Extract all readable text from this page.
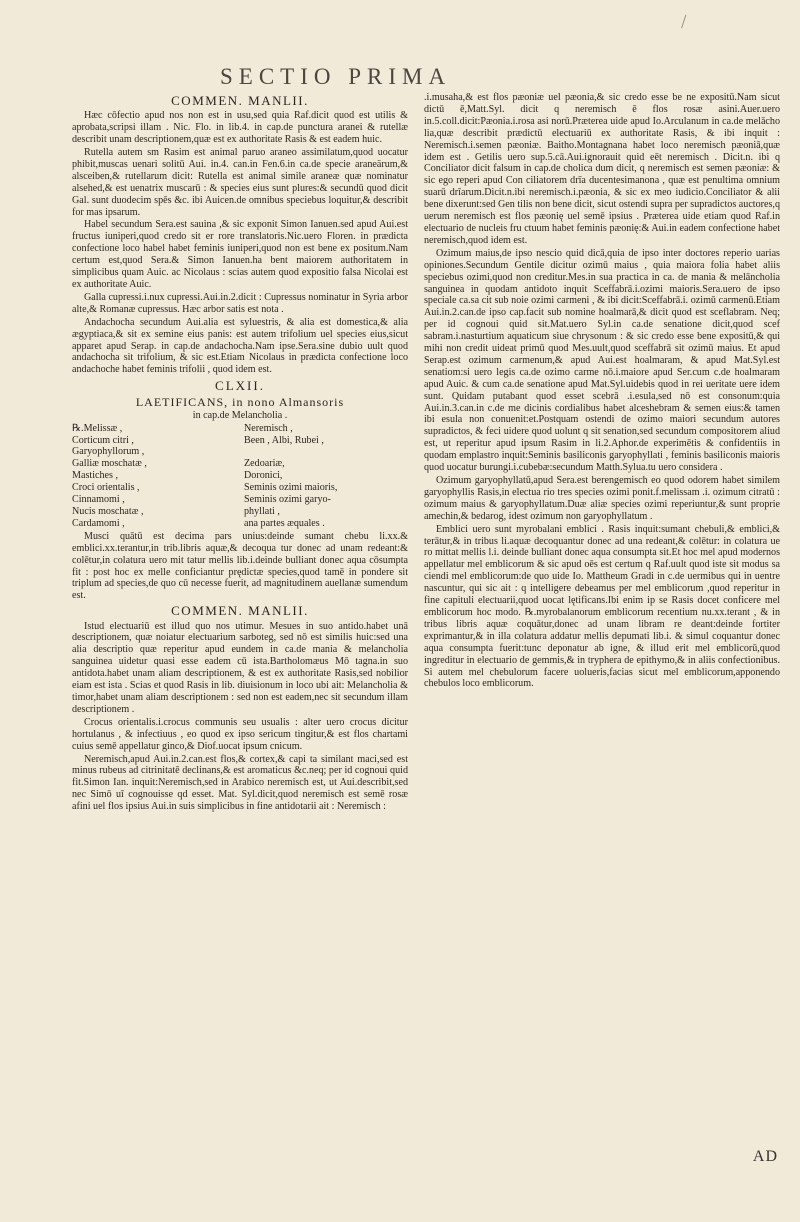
SECTIO PRIMA
COMMEN. MANLII.

Hæc cōfectio apud nos non est in usu,sed quia Raf.dicit quod est utilis & aprobata,scripsi illam . Nic. Flo. in lib.4. in cap.de punctura aranei & rutellæ describit unam descriptionem,quæ est ex authoritate Rasis & est eadem huic.

Rutella autem sm Rasim est animal paruo araneo assimilatum,quod uocatur phibit,muscas uenari solitū Aui. in.4. can.in Fen.6.in ca.de specie araneärum,& alsceiben,& rutellarum dicit: Rutella est animal simile araneæ quæ nominatur alsehed,& est uenatrix muscarū : & species eius sunt plures:& secundū quod dicit Gal. sunt duodecim spēs &c. ibi Auicen.de omnibus speciebus loquitur,& describit for mas ipsarum.

Habel secundum Sera.est sauina ,& sic exponit Simon Ianuen.sed apud Aui.est fructus iuniperi,quod credo sit er rore translatoris.Nic.uero Floren. in prædicta confectione loco habel habet feminis iuniperi,quod non est bene ex positum.Nam certum est,quod Sera.& Simon Ianuen.ha bent maiorem authoritatem in simplicibus quam Auic. ac Nicolaus : scias autem quod expositio falsa Nicolai est ex authoritate Auic.

Galla cupressi.i.nux cupressi.Aui.in.2.dicit : Cupressus nominatur in Syria arbor alte,& Romanæ cupressus. Hæc arbor satis est nota .

Andachocha secundum Aui.alia est syluestris, & alia est domestica,& alia ægyptiaca,& sit ex semine eius panis: est autem trifolium uel species eius,sicut apparet apud Serap. in cap.de andachocha.Nam ipse.Sera.sine dubio uult quod andachocha sit trifolium, & sic est.Etiam Nicolaus in prædicta confectione loco andachoche habet feminis trifolii , quod idem est.

CLXII.
LAETIFICANS, in nono Almansoris
in cap.de Melancholia .
℞.Melissæ ,	Neremisch ,
Corticum citri ,	Been , Albi, Rubei ,
Garyophyllorum ,
Galliæ moschatæ ,	Zedoariæ,
Mastiches ,	Doronici,
Croci orientalis ,	Seminis ozimi maioris,
Cinnamomi ,	Seminis ozimi garyo-
Nucis moschatæ ,	phyllati ,
Cardamomi ,	ana partes æquales .

Musci quātū est decima pars unius:deinde sumant chebu li.xx.& emblici.xx.terantur,in trib.libris aquæ,& decoqua tur donec ad unam redeant:& colētur,in colatura uero mit tatur mellis lib.i.deinde bulliant donec aqua cōsumpta fit : post hoc ex melle conficiantur prędictæ species,quod tamē in pondere sit triplum ad species,de quo cū necesse fuerit, ad magnitudinem auellanæ sumendum est.

COMMEN. MANLII.

Istud electuariū est illud quo nos utimur. Mesues in suo antido.habet unā descriptionem, quæ noiatur electuarium sarboteg, sed nō est similis huic:sed una alia descriptio quæ reperitur apud eundem in ca.de mania & melancholia sanguinea uidetur quasi esse eadem cū ista.Bartholomæus Mō tagna.in suo antidota.habet unam aliam descriptionem, & est ex authoritate Rasis,sed nobilior eiam est ista . Scias et quod Rasis in lib. diuisionum in loco ubi ait: Melancholia & timor,habet unam aliam descriptionem : sed non est eadem,nec sit secundum illam descriptionem .

Crocus orientalis.i.crocus communis seu usualis : alter uero crocus dicitur hortulanus , & infectiuus , eo quod ex ipso sericum tingitur,& est flos chartami cuius semē appellatur ginco,& Diof.uocat ipsum cnicum.

Neremisch,apud Aui.in.2.can.est flos,& cortex,& capi ta similant maci,sed est minus rubeus ad citrinitatē declinans,& est aromaticus &c.neq; per id cognoui quid fit.Simon Ian. inquit:Neremisch,sed in Arabico neremisch est, ut Aui.describit,sed nec Simō uī cognouisse qd esset. Mat. Syl.dicit,quod neremisch est semē rosæ afini uel flos ipsius Aui.in suis simplicibus in fine antidotarii ait : Neremisch :

.i.musaha,& est flos pæoniæ uel pæonia,& sic credo esse be ne expositū.Nam sicut dictū ē,Matt.Syl. dicit q neremisch ē flos rosæ asini.Auer.uero in.5.coll.dicit:Pæonia.i.rosa asi norū.Præterea uide apud Io.Arculanum in ca.de melācho lia,quæ describit prædictū electuariū ex authoritate Rasis, & ibi inquit : Neremisch.i.semen pæoniæ. Baitho.Montagnana habet loco neremisch pæoniā,quæ idem est . Getilis uero sup.5.cā.Aui.ignorauit quid eēt neremisch . Dicit.n. ibi q Conciliator dicit falsum in cap.de cholica dum dicit, q neremisch est semen pæoniæ: & sic ego reperi apud Con ciliatorem drīa ducentesimanona , quæ est penultima omnium suarū drīarum.Dicit.n.ibi neremisch.i.pæonia, & sic ex meo iudicio.Conciliator & alii bene dixerunt:sed Gen tilis non bene dicit, sicut ostendi supra per supradictos auctores,q uerum neremisch est flos pæonię uel semē ipsius . Præterea uide etiam quod Raf.in electuario de nucleis fru ctuum habet feminis pæonię:& Aui.in eadem confectione habet neremisch,quod idem est.

Ozimum maius,de ipso nescio quid dicā,quia de ipso inter doctores reperio uarias opiniones.Secundum Gentile dicitur ozimū maius , quia maiora folia habet aliis speciebus ozimi,quod non creditur.Mes.in sua practica in ca. de mania & melāncholia sanguinea in quodam antidoto inquit Sceffabrā.i.ozimi maioris.Sera.uero de ipso speciale ca.sa cit sub noie ozimi carmeni , & ibi dicit:Sceffabrā.i. ozimū carmenū.Etiam Aui.in.2.can.de ipso cap.facit sub nomine hoalmarā,& dicit quod est sceflabram. Neq; per id cognoui quid sit.Mat.uero Syl.in ca.de senatione dicit,quod scef sabram.i.nasturtium aquaticum siue chrysonum : & sic credo esse bene expositū,& qui mihi non credit uideat primū quod Mes.uult,quod sceffabrā sit ozimū maius. Et apud Serap.est ozimum carmenum,& apud Aui.est hoalmaram, & apud Mat.Syl.est senatiom:si uero legis ca.de ozimo carme nō.i.maiore apud Ser.cum c.de hoalmaram apud Auic. & cum ca.de senatione apud Mat.Syl.uidebis quod in rei ueritate uere idem sunt. Quidam putabant quod esset scebrā .i.esula,sed nō est consonum:quia Aui.in.3.can.in c.de me dicinis cordialibus habet alceshebram & semen eius:& tamen ibi esula non conuenit:et.Postquam ostendi de ozimo maiori secundum autores supradictos, & feci uidere quod uolunt q sit senation,sed secundum compositorem aliud est, ut reperitur apud ipsum Rasim in li.2.Aphor.de experimētis & confidentiis in quodam emplastro inquit:Seminis basiliconis garyophyllati , feminis basiliconis maioris quod uocatur burungi.i.cubebæ:secundum Matth.Sylua.tu uero considera .

Ozimum garyophyllatū,apud Sera.est berengemisch eo quod odorem habet similem garyophyllis Rasis,in electua rio tres species ozimi ponit.f.melissam .i. ozimum citratū : ozimum maius & garyophyllatum.Duæ aliæ species ozimi reperiuntur,& sunt proprie amechin,& bedarog, idest ozimum non garyophyllatum .

Emblici uero sunt myrobalani emblici . Rasis inquit:sumant chebuli,& emblici,& terātur,& in tribus li.aquæ decoquantur donec ad una redeant,& colētur: in colatura ue ro mittat mellis l.i. deinde bulliant donec aqua consumpta sit.Et hoc mel apud modernos appellatur mel emblicorum & sic apud oēs est certum q Raf.uult quod iste sit modus sa ciendi mel emblicorum:de quo uide Io. Mattheum Gradi in c.de uermibus qui in uentre nascuntur, qui sic ait : q intelligere debeamus per mel emblicorum ,quod reperitur in fine capituli electuarii,quod uocat lętificans.Ibi enim ip se Rasis docet conficere mel emblicorum hoc modo. ℞.myrobalanorum emblicorum recentium nu.xx.terant , & in tribus libris aquæ coquātur,donec ad unam libram re deant:deinde fortiter exprimantur,& in illa colatura addatur mellis depumati lib.i. & simul coquantur donec aqua consumpta fuerit:tunc deponatur ab igne, & illud erit mel emblicorū,quod ingreditur in electuario de gemmis,& in tryphera de epithymo,& in aliis confectionibus. Si autem mel chebulorum facere uolueris,facias sicut mel emblicorum,apponendo chebulos loco emblicorum.

AD
